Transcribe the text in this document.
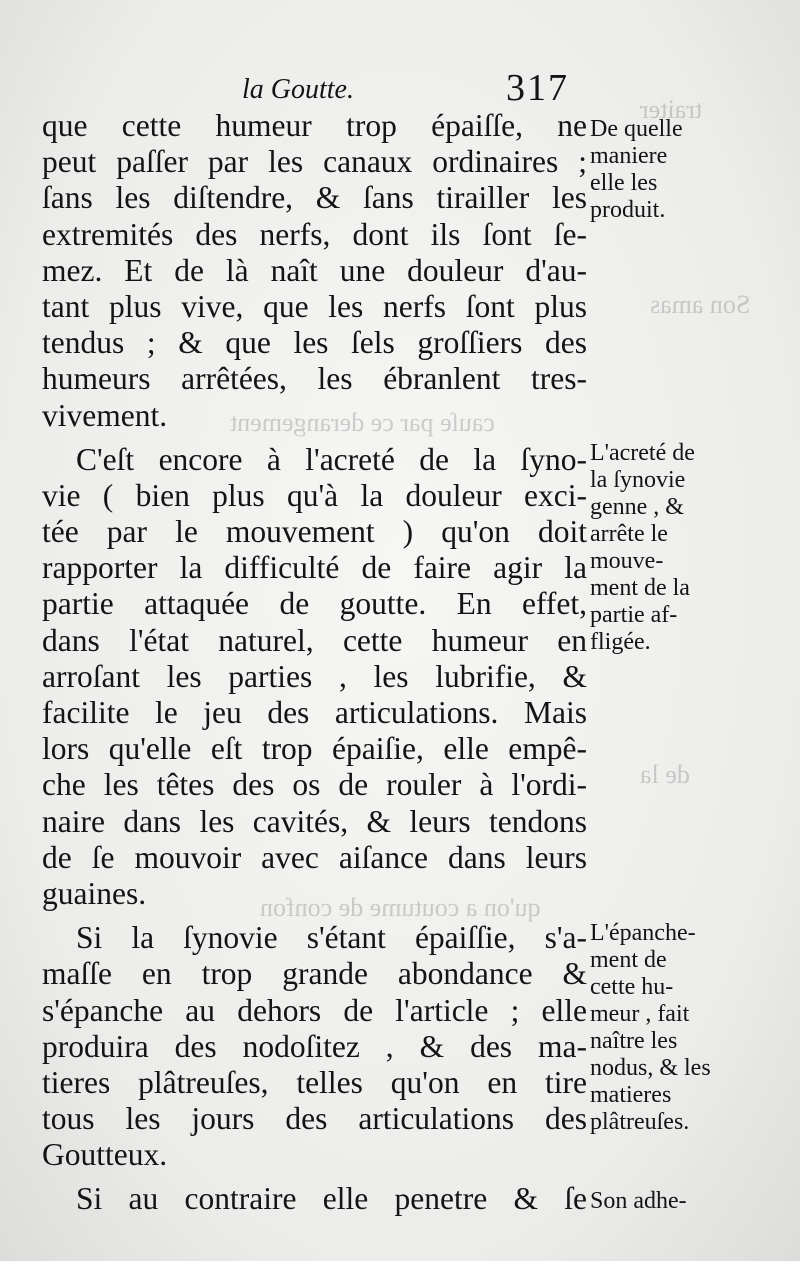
traiter
Son amas
de la
cauſe par ce derangement
qu'on a coutume de confon
la Goutte.	317
que cette humeur trop épaiſſe, ne
peut paſſer par les canaux ordinaires ;
ſans les diſtendre, & ſans tirailler les
extremités des nerfs, dont ils ſont ſe-
mez. Et de là naît une douleur d'au-
tant plus vive, que les nerfs ſont plus
tendus ; & que les ſels groſſiers des
humeurs arrêtées, les ébranlent tres-
vivement.
C'eſt encore à l'acreté de la ſyno-
vie ( bien plus qu'à la douleur exci-
tée par le mouvement ) qu'on doit
rapporter la difficulté de faire agir la
partie attaquée de goutte. En effet,
dans l'état naturel, cette humeur en
arroſant les parties , les lubrifie, &
facilite le jeu des articulations. Mais
lors qu'elle eſt trop épaiſie, elle empê-
che les têtes des os de rouler à l'ordi-
naire dans les cavités, & leurs tendons
de ſe mouvoir avec aiſance dans leurs
guaines.
Si la ſynovie s'étant épaiſſie, s'a-
maſſe en trop grande abondance &
s'épanche au dehors de l'article ; elle
produira des nodoſitez , & des ma-
tieres plâtreuſes, telles qu'on en tire
tous les jours des articulations des
Goutteux.
Si au contraire elle penetre & ſe
De quelle
maniere
elle les
produit.
L'acreté de
la ſynovie
genne , &
arrête le
mouve-
ment de la
partie af-
fligée.
L'épanche-
ment de
cette hu-
meur , fait
naître les
nodus, & les
matieres
plâtreuſes.
Son adhe-
